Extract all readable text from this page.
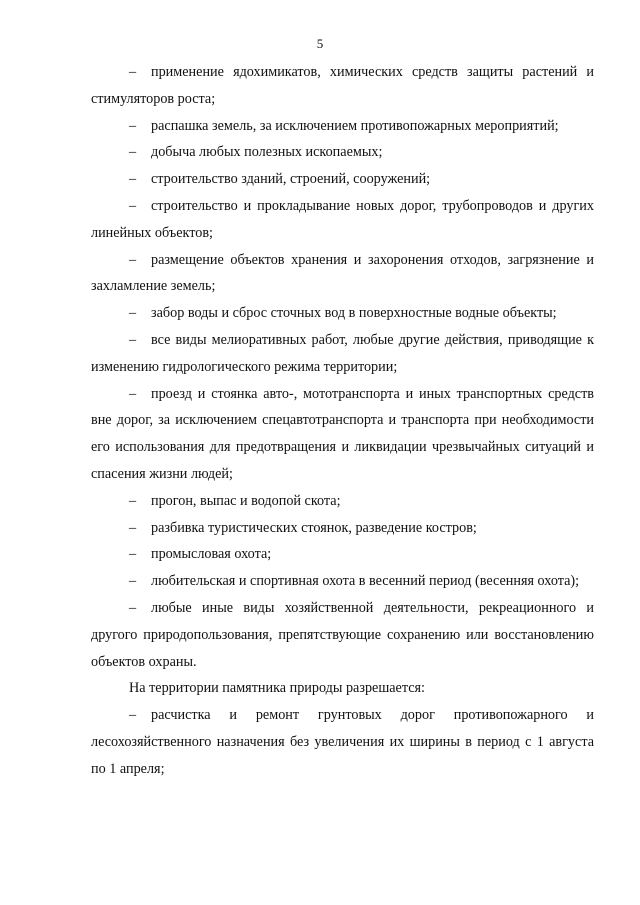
5

– применение ядохимикатов, химических средств защиты растений и стимуляторов роста;

– распашка земель, за исключением противопожарных мероприятий;

– добыча любых полезных ископаемых;

– строительство зданий, строений, сооружений;

– строительство и прокладывание новых дорог, трубопроводов и других линейных объектов;

– размещение объектов хранения и захоронения отходов, загрязнение и захламление земель;

– забор воды и сброс сточных вод в поверхностные водные объекты;

– все виды мелиоративных работ, любые другие действия, приводящие к изменению гидрологического режима территории;

– проезд и стоянка авто-, мототранспорта и иных транспортных средств вне дорог, за исключением спецавтотранспорта и транспорта при необходимости его использования для предотвращения и ликвидации чрезвычайных ситуаций и спасения жизни людей;

– прогон, выпас и водопой скота;

– разбивка туристических стоянок, разведение костров;

– промысловая охота;

– любительская и спортивная охота в весенний период (весенняя охота);

– любые иные виды хозяйственной деятельности, рекреационного и другого природопользования, препятствующие сохранению или восстановлению объектов охраны.

На территории памятника природы разрешается:

– расчистка и ремонт грунтовых дорог противопожарного и лесохозяйственного назначения без увеличения их ширины в период с 1 августа по 1 апреля;
